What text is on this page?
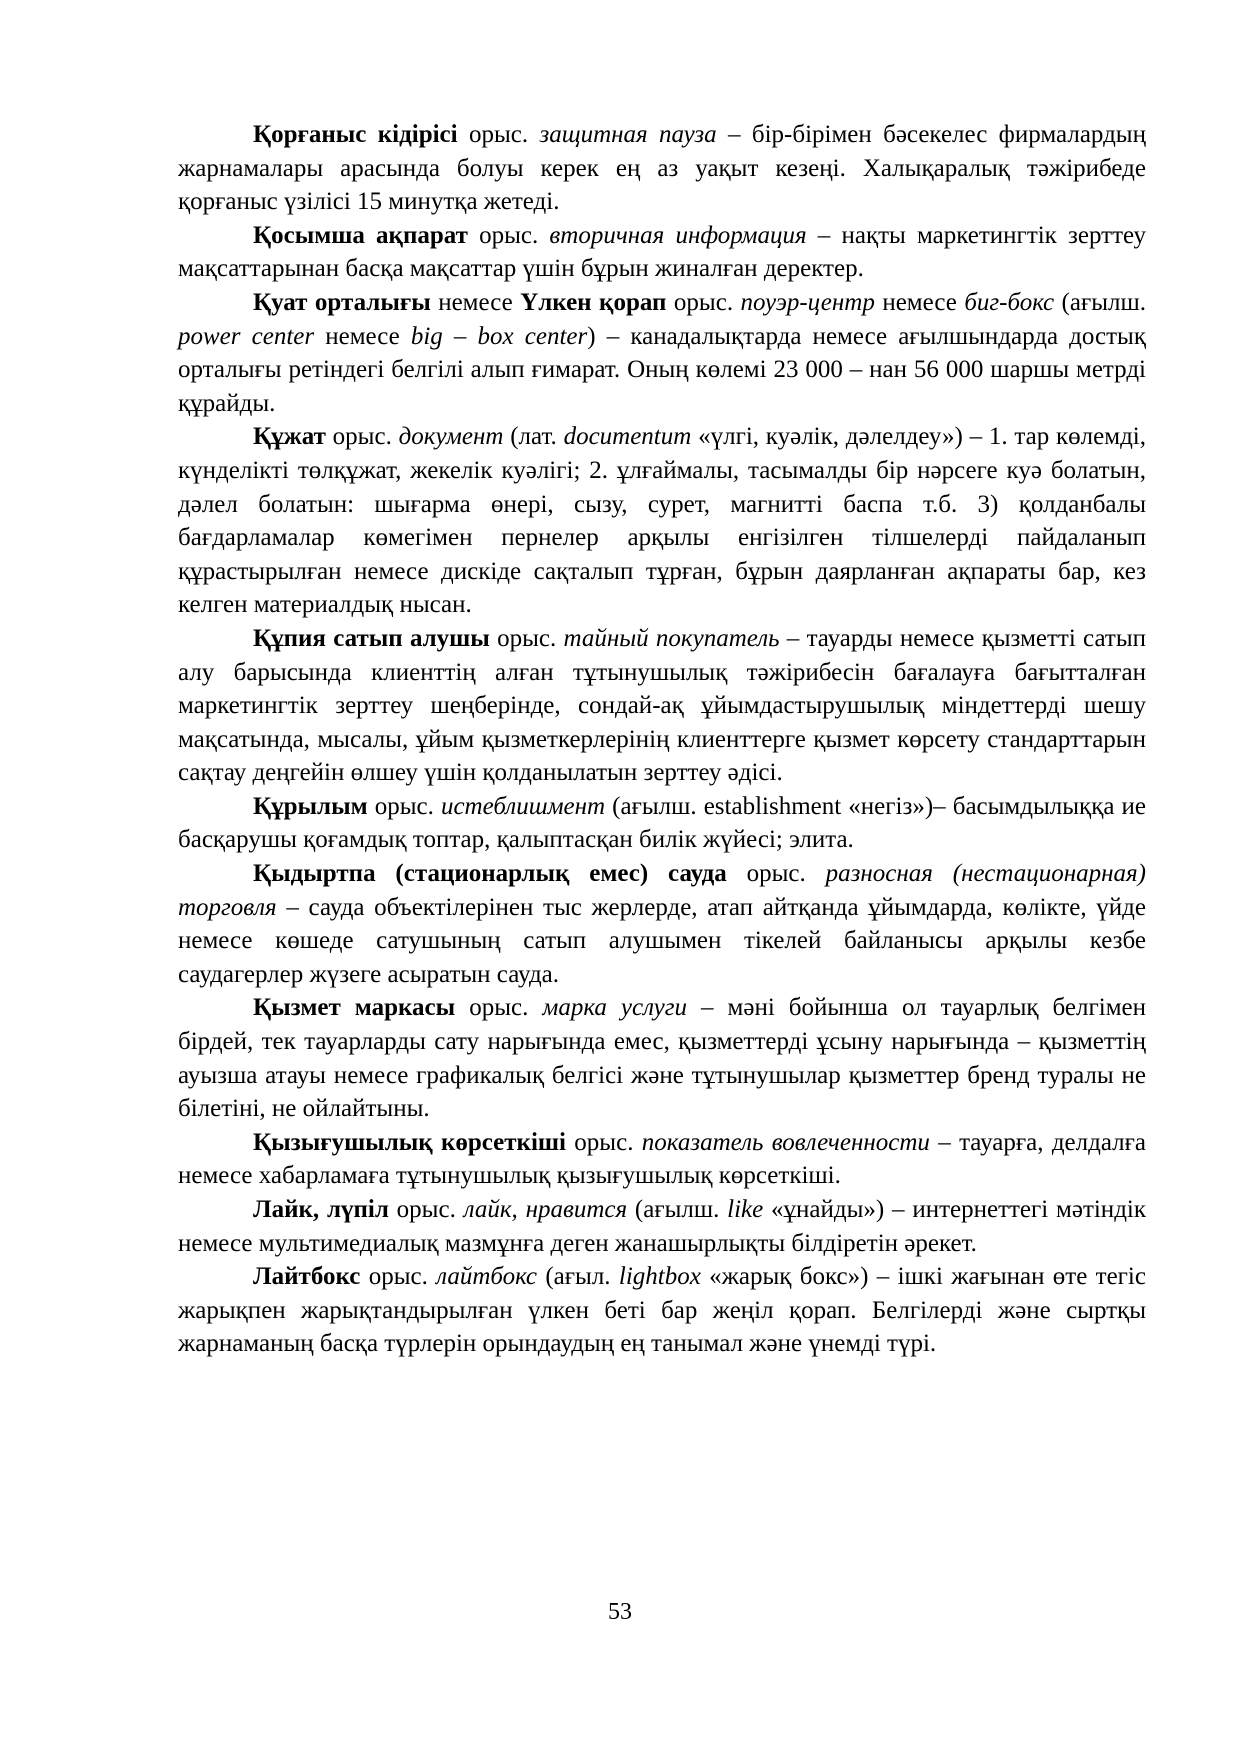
Қорғаныс кідірісі орыс. защитная пауза – бір-бірімен бәсекелес фирмалардың жарнамалары арасында болуы керек ең аз уақыт кезеңі. Халықаралық тәжірибеде қорғаныс үзілісі 15 минутқа жетеді.

Қосымша ақпарат орыс. вторичная информация – нақты маркетингтік зерттеу мақсаттарынан басқа мақсаттар үшін бұрын жиналған деректер.

Қуат орталығы немесе Үлкен қорап орыс. поуэр-центр немесе биг-бокс (ағылш. power center немесе big – box center) – канадалықтарда немесе ағылшындарда достық орталығы ретіндегі белгілі алып ғимарат. Оның көлемі 23 000 – нан 56 000 шаршы метрді құрайды.

Құжат орыс. документ (лат. documentum «үлгі, куәлік, дәлелдеу») – 1. тар көлемді, күнделікті төлқұжат, жекелік куәлігі; 2. ұлғаймалы, тасымалды бір нәрсеге куә болатын, дәлел болатын: шығарма өнері, сызу, сурет, магнитті баспа т.б. 3) қолданбалы бағдарламалар көмегімен пернелер арқылы енгізілген тілшелерді пайдаланып құрастырылған немесе дискіде сақталып тұрған, бұрын даярланған ақпараты бар, кез келген материалдық нысан.

Құпия сатып алушы орыс. тайный покупатель – тауарды немесе қызметті сатып алу барысында клиенттің алған тұтынушылық тәжірибесін бағалауға бағытталған маркетингтік зерттеу шеңберінде, сондай-ақ ұйымдастырушылық міндеттерді шешу мақсатында, мысалы, ұйым қызметкерлерінің клиенттерге қызмет көрсету стандарттарын сақтау деңгейін өлшеу үшін қолданылатын зерттеу әдісі.

Құрылым орыс. истеблишмент (ағылш. establishment «негіз»)– басымдылыққа ие басқарушы қоғамдық топтар, қалыптасқан билік жүйесі; элита.

Қыдыртпа (стационарлық емес) сауда орыс. разносная (нестационарная) торговля – сауда объектілерінен тыс жерлерде, атап айтқанда ұйымдарда, көлікте, үйде немесе көшеде сатушының сатып алушымен тікелей байланысы арқылы кезбе саудагерлер жүзеге асыратын сауда.

Қызмет маркасы орыс. марка услуги – мәні бойынша ол тауарлық белгімен бірдей, тек тауарларды сату нарығында емес, қызметтерді ұсыну нарығында – қызметтің ауызша атауы немесе графикалық белгісі және тұтынушылар қызметтер бренд туралы не білетіні, не ойлайтыны.

Қызығушылық көрсеткіші орыс. показатель вовлеченности – тауарға, делдалға немесе хабарламаға тұтынушылық қызығушылық көрсеткіші.

Лайк, лүпіл орыс. лайк, нравится (ағылш. like «ұнайды») – интернеттегі мәтіндік немесе мультимедиалық мазмұнға деген жанашырлықты білдіретін әрекет.

Лайтбокс орыс. лайтбокс (ағыл. lightbox «жарық бокс») – ішкі жағынан өте тегіс жарықпен жарықтандырылған үлкен беті бар жеңіл қорап. Белгілерді және сыртқы жарнаманың басқа түрлерін орындаудың ең танымал және үнемді түрі.

53
